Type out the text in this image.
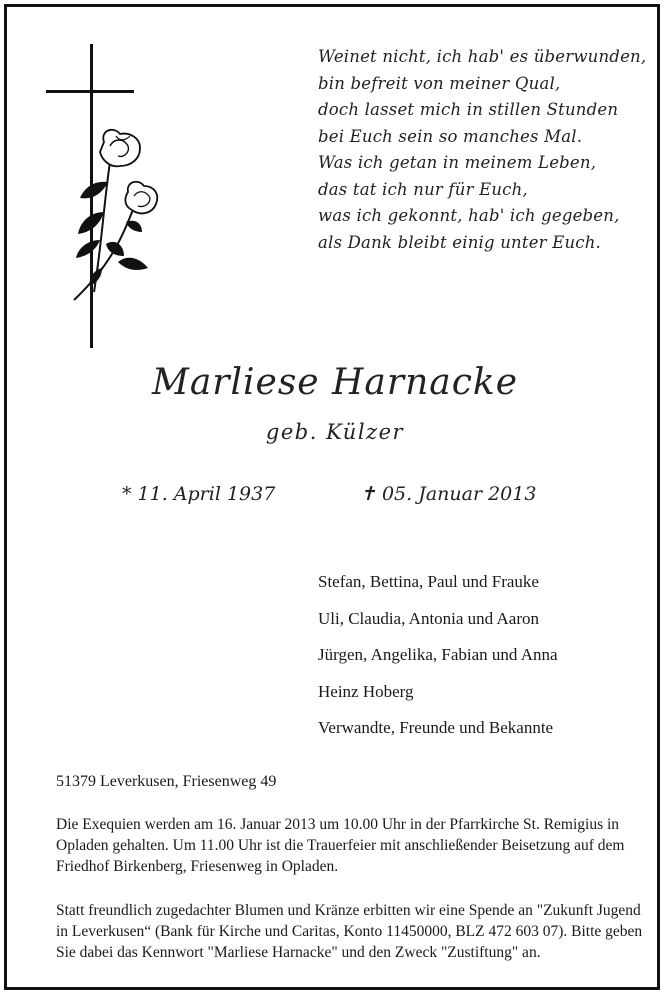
Weinet nicht, ich hab' es überwunden,
bin befreit von meiner Qual,
doch lasset mich in stillen Stunden
bei Euch sein so manches Mal.
Was ich getan in meinem Leben,
das tat ich nur für Euch,
was ich gekonnt, hab' ich gegeben,
als Dank bleibt einig unter Euch.
Marliese Harnacke
geb. Külzer
* 11. April 1937	✝ 05. Januar 2013
Stefan, Bettina, Paul und Frauke
Uli, Claudia, Antonia und Aaron
Jürgen, Angelika, Fabian und Anna
Heinz Hoberg
Verwandte, Freunde und Bekannte
51379 Leverkusen, Friesenweg 49
Die Exequien werden am 16. Januar 2013 um 10.00 Uhr in der Pfarrkirche St. Remigius in Opladen gehalten. Um 11.00 Uhr ist die Trauerfeier mit anschließender Beisetzung auf dem Friedhof Birkenberg, Friesenweg in Opladen.
Statt freundlich zugedachter Blumen und Kränze erbitten wir eine Spende an "Zukunft Jugend in Leverkusen“ (Bank für Kirche und Caritas, Konto 11450000, BLZ 472 603 07). Bitte geben Sie dabei das Kennwort "Marliese Harnacke" und den Zweck "Zustiftung" an.
